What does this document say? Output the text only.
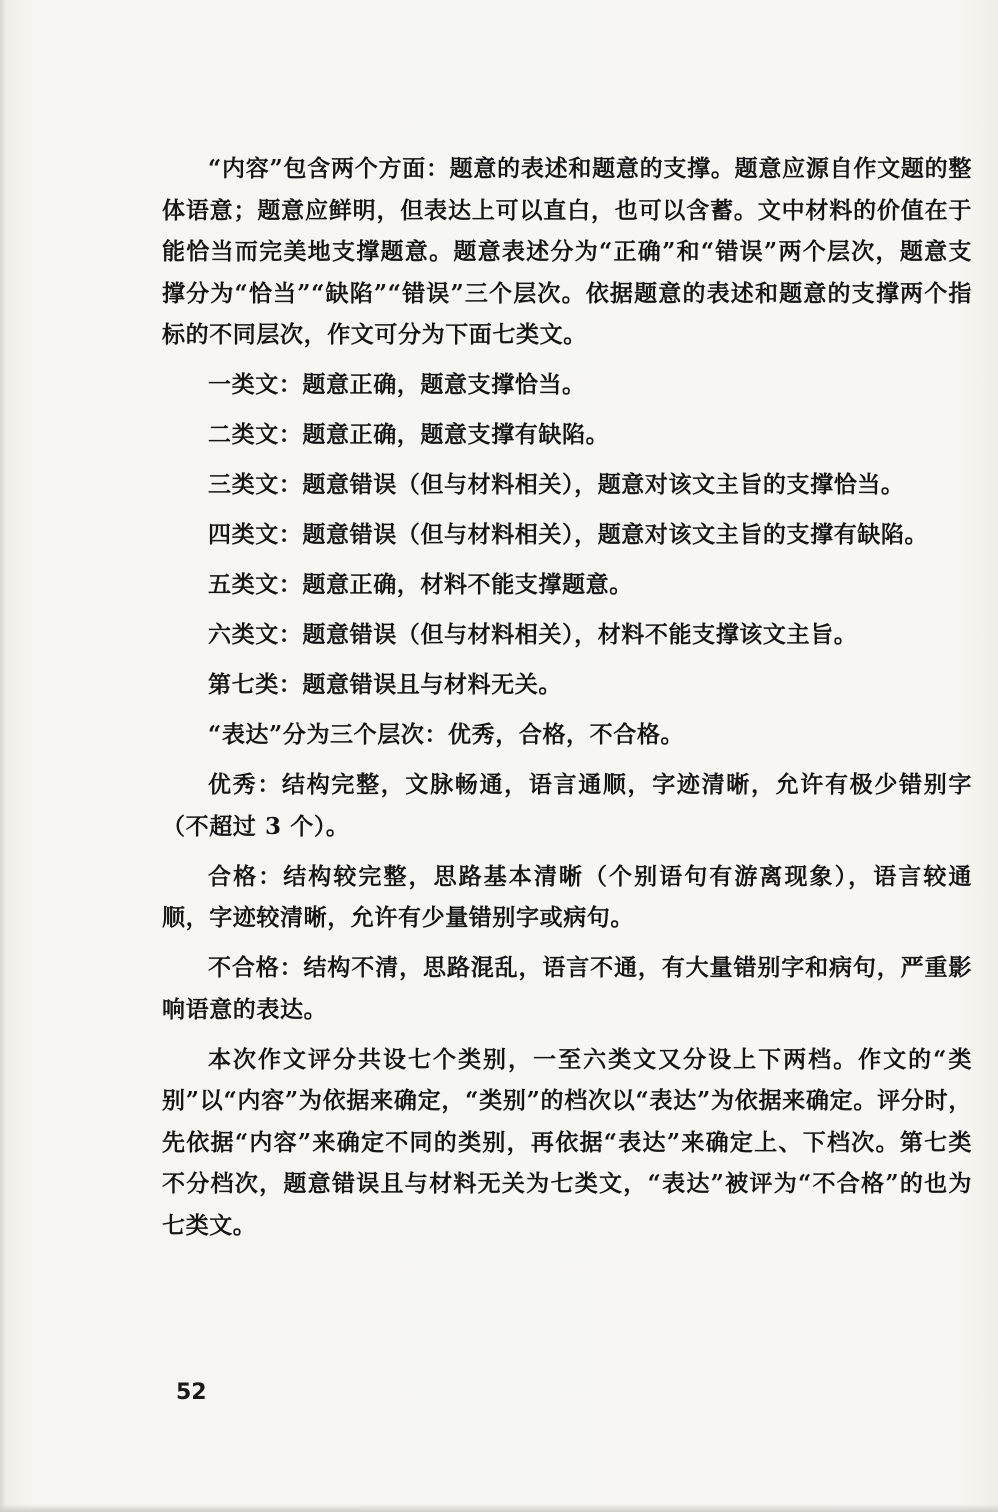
“内容”包含两个方面：题意的表述和题意的支撑。题意应源自作文题的整体语意；题意应鲜明，但表达上可以直白，也可以含蓄。文中材料的价值在于能恰当而完美地支撑题意。题意表述分为“正确”和“错误”两个层次，题意支撑分为“恰当”“缺陷”“错误”三个层次。依据题意的表述和题意的支撑两个指标的不同层次，作文可分为下面七类文。

一类文：题意正确，题意支撑恰当。

二类文：题意正确，题意支撑有缺陷。

三类文：题意错误（但与材料相关），题意对该文主旨的支撑恰当。

四类文：题意错误（但与材料相关），题意对该文主旨的支撑有缺陷。

五类文：题意正确，材料不能支撑题意。

六类文：题意错误（但与材料相关），材料不能支撑该文主旨。

第七类：题意错误且与材料无关。

“表达”分为三个层次：优秀，合格，不合格。

优秀：结构完整，文脉畅通，语言通顺，字迹清晰，允许有极少错别字（不超过 3 个）。

合格：结构较完整，思路基本清晰（个别语句有游离现象），语言较通顺，字迹较清晰，允许有少量错别字或病句。

不合格：结构不清，思路混乱，语言不通，有大量错别字和病句，严重影响语意的表达。

本次作文评分共设七个类别，一至六类文又分设上下两档。作文的“类别”以“内容”为依据来确定，“类别”的档次以“表达”为依据来确定。评分时，先依据“内容”来确定不同的类别，再依据“表达”来确定上、下档次。第七类不分档次，题意错误且与材料无关为七类文，“表达”被评为“不合格”的也为七类文。

52
